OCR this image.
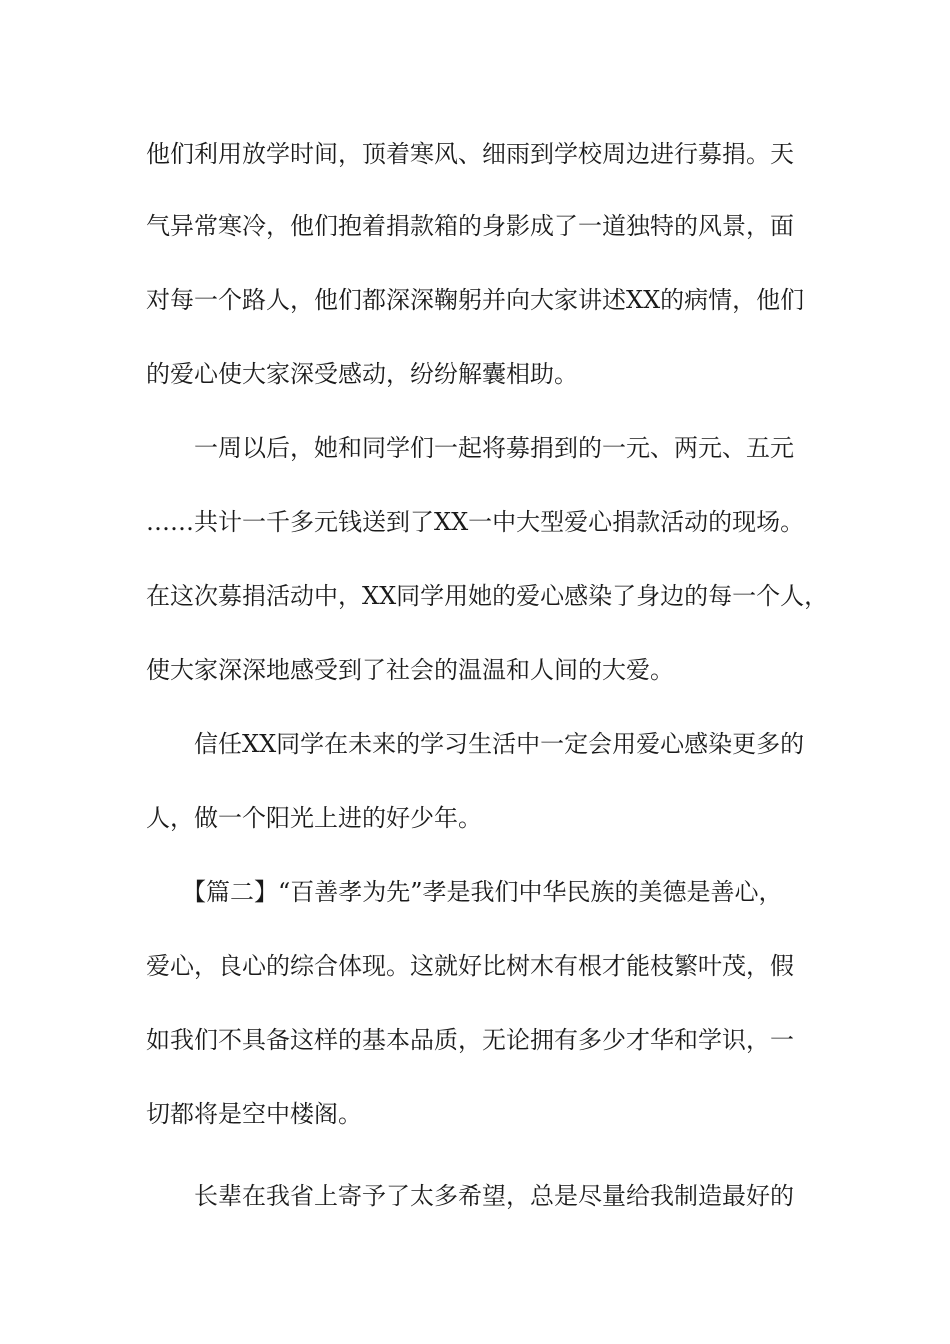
他们利用放学时间，顶着寒风、细雨到学校周边进行募捐。天
气异常寒冷，他们抱着捐款箱的身影成了一道独特的风景，面
对每一个路人，他们都深深鞠躬并向大家讲述XX的病情，他们
的爱心使大家深受感动，纷纷解囊相助。
一周以后，她和同学们一起将募捐到的一元、两元、五元
……共计一千多元钱送到了XX一中大型爱心捐款活动的现场。
在这次募捐活动中，XX同学用她的爱心感染了身边的每一个人，
使大家深深地感受到了社会的温温和人间的大爱。
信任XX同学在未来的学习生活中一定会用爱心感染更多的
人，做一个阳光上进的好少年。
【篇二】“百善孝为先”孝是我们中华民族的美德是善心，
爱心，良心的综合体现。这就好比树木有根才能枝繁叶茂，假
如我们不具备这样的基本品质，无论拥有多少才华和学识，一
切都将是空中楼阁。
长辈在我省上寄予了太多希望，总是尽量给我制造最好的
